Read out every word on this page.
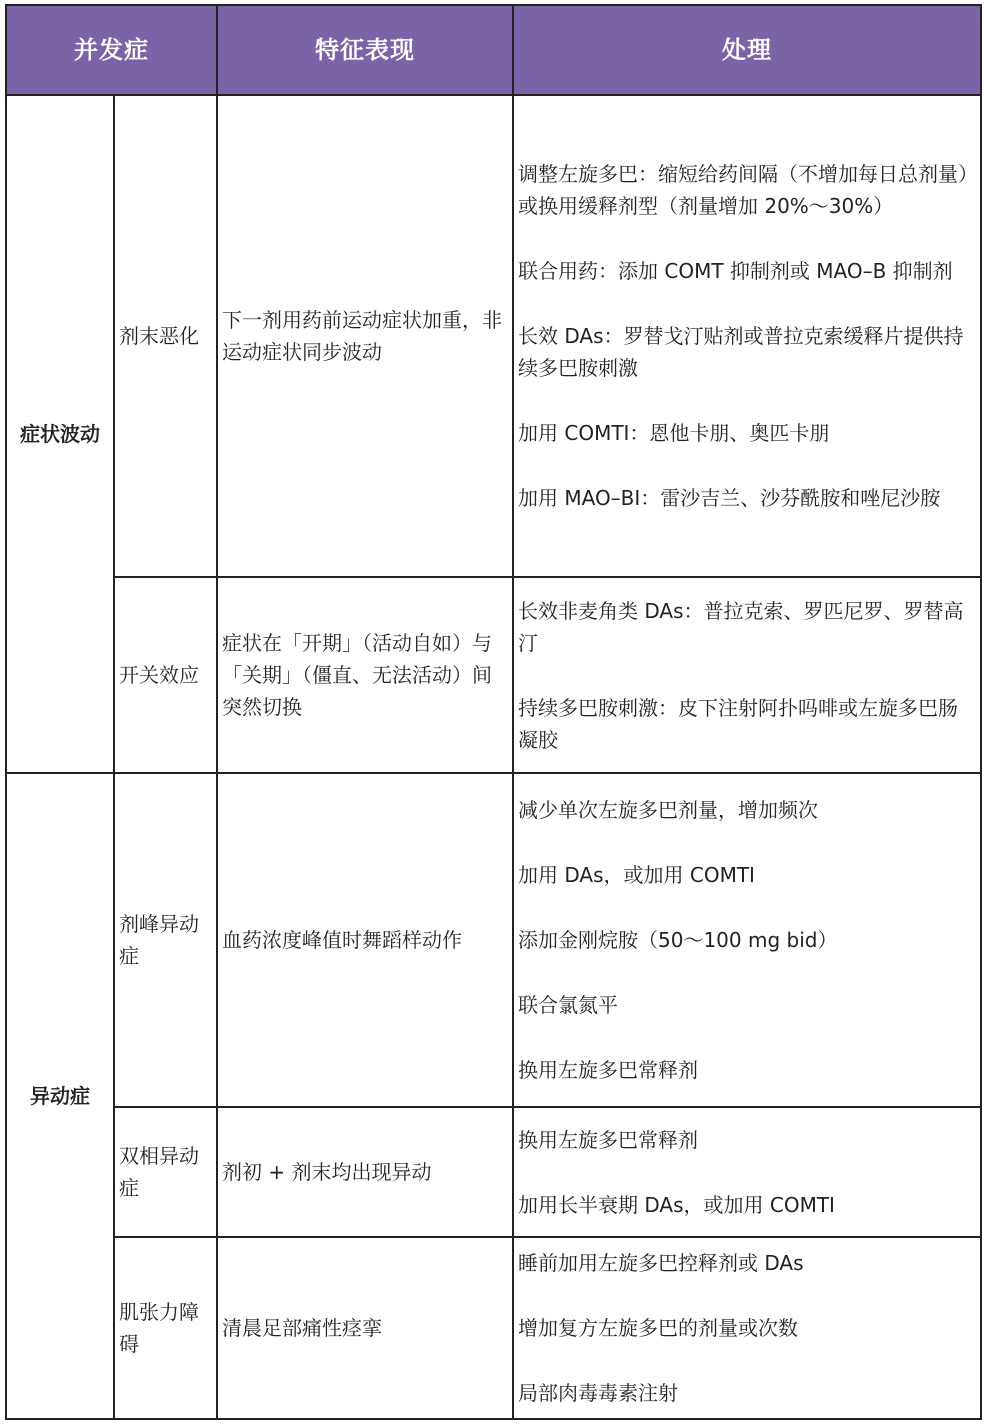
并发症		特征表现	处理
症状波动	剂末恶化	下一剂用药前运动症状加重，非运动症状同步波动	调整左旋多巴：缩短给药间隔（不增加每日总剂量）或换用缓释剂型（剂量增加 20%～30%）

联合用药：添加 COMT 抑制剂或 MAO–B 抑制剂

长效 DAs：罗替戈汀贴剂或普拉克索缓释片提供持续多巴胺刺激

加用 COMTI：恩他卡朋、奥匹卡朋

加用 MAO–BI：雷沙吉兰、沙芬酰胺和唑尼沙胺

	开关效应	症状在「开期」（活动自如）与「关期」（僵直、无法活动）间突然切换	长效非麦角类 DAs：普拉克索、罗匹尼罗、罗替高汀

持续多巴胺刺激：皮下注射阿扑吗啡或左旋多巴肠凝胶

异动症	剂峰异动症	血药浓度峰值时舞蹈样动作	减少单次左旋多巴剂量，增加频次

加用 DAs，或加用 COMTI

添加金刚烷胺（50～100 mg bid）

联合氯氮平

换用左旋多巴常释剂

	双相异动症	剂初 + 剂末均出现异动	换用左旋多巴常释剂

加用长半衰期 DAs，或加用 COMTI

	肌张力障碍	清晨足部痛性痉挛	睡前加用左旋多巴控释剂或 DAs

增加复方左旋多巴的剂量或次数

局部肉毒毒素注射
